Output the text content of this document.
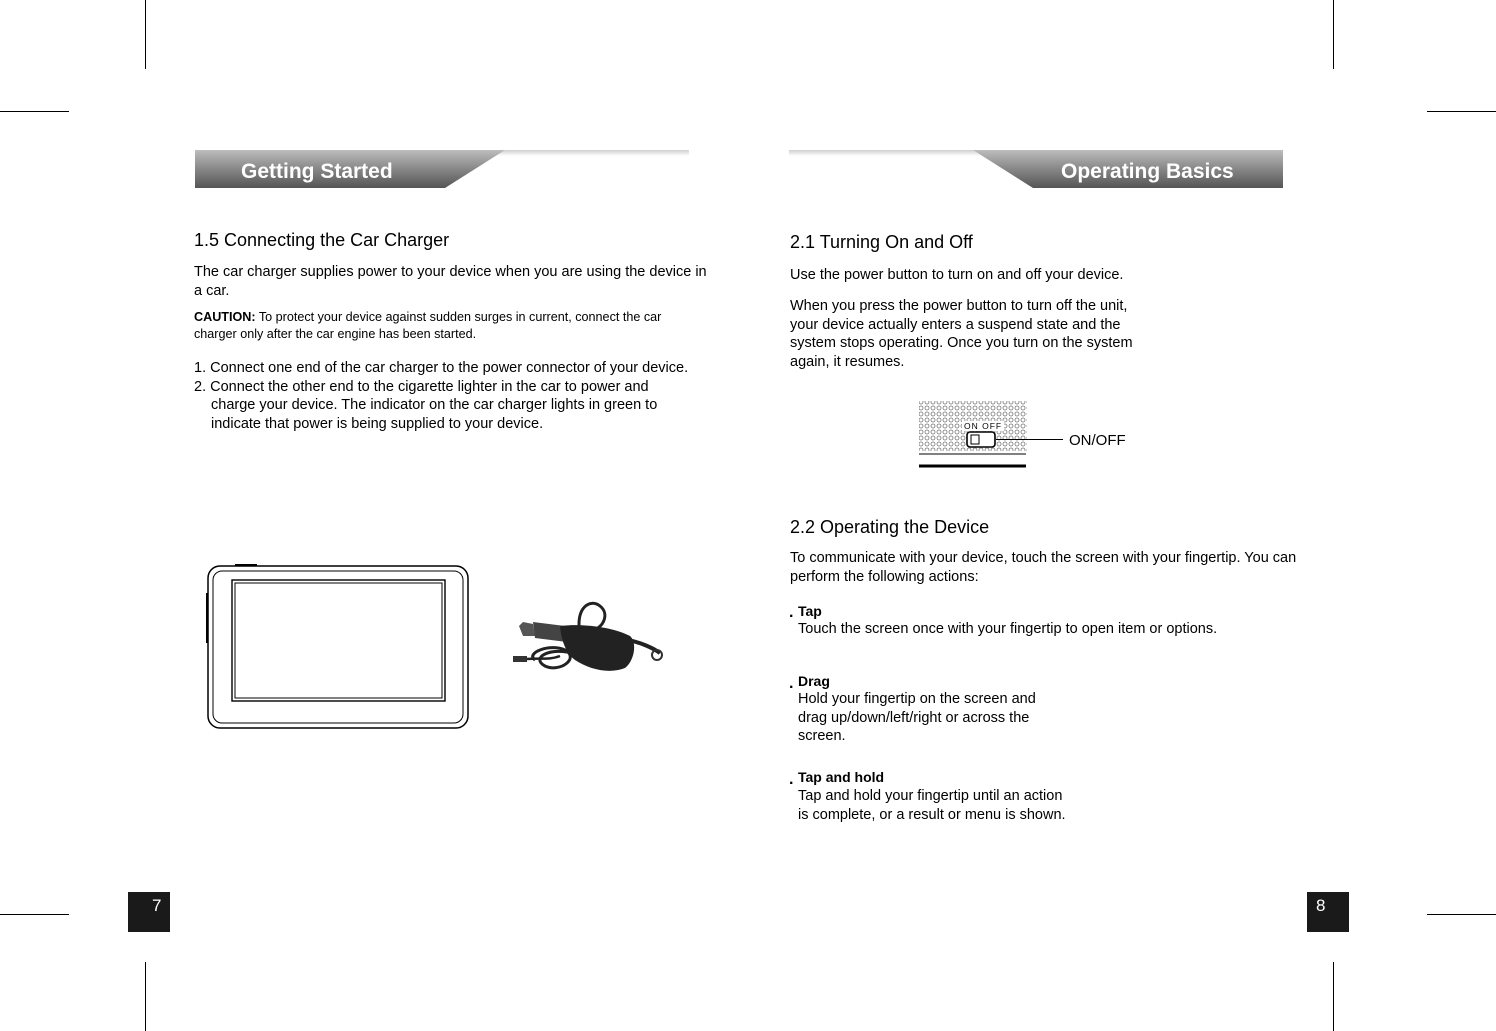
Getting Started
1.5 Connecting the Car Charger
The car charger supplies power to your device when you are using the device in a car.
CAUTION: To protect your device against sudden surges in current, connect the car charger only after the car engine has been started.
1. Connect one end of the car charger to the power connector of your device.
2. Connect the other end to the cigarette lighter in the car to power and
charge your device. The indicator on the car charger lights in green to
indicate that power is being supplied to your device.
7
Operating Basics
2.1 Turning On and Off
Use the power button to turn on and off your device.
When you press the power button to turn off the unit, your device actually enters a suspend state and the system stops operating. Once you turn on the system again, it resumes.
ON OFF
ON/OFF
2.2 Operating the Device
To communicate with your device, touch the screen with your fingertip. You can perform the following actions:
. Tap
Touch the screen once with your fingertip to open item or options.
. Drag
Hold your fingertip on the screen and drag up/down/left/right or across the screen.
. Tap and hold
Tap and hold your fingertip until an action is complete, or a result or menu is shown.
8
